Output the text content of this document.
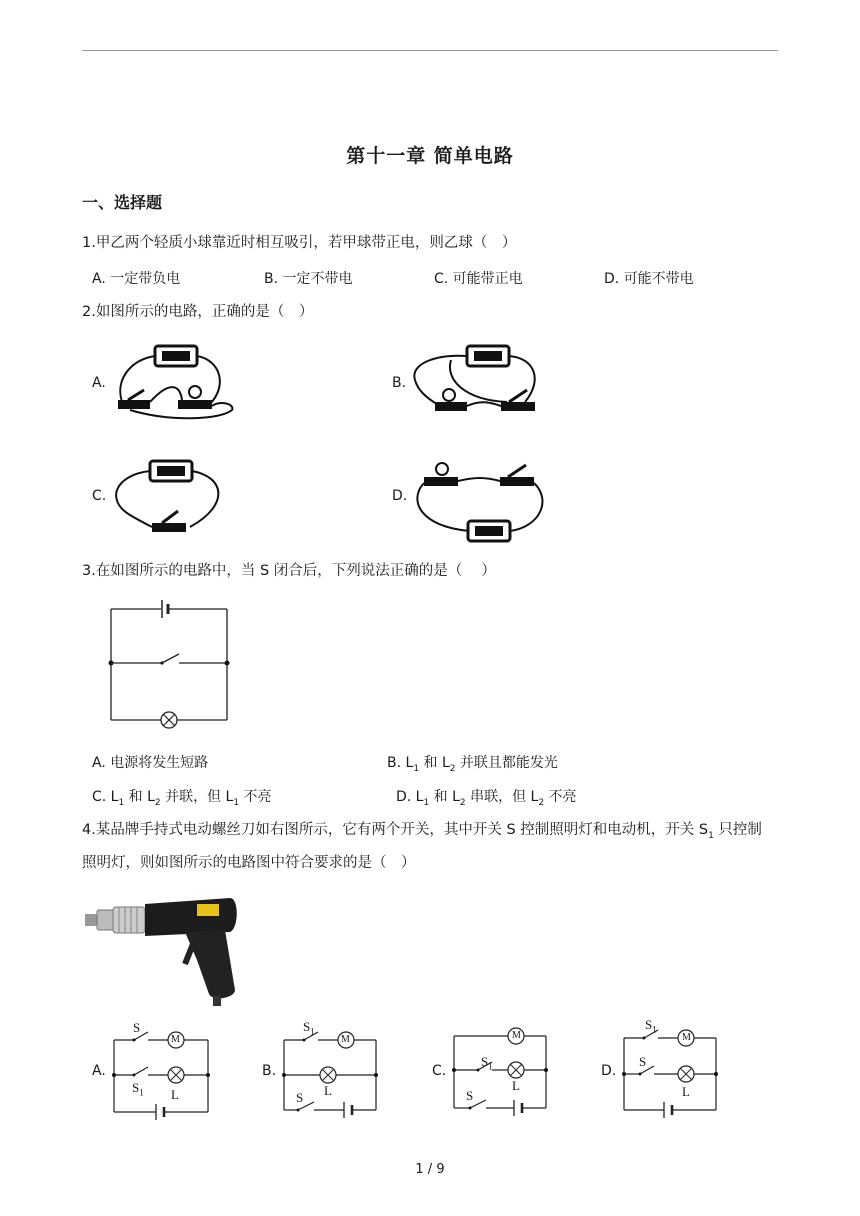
第十一章 简单电路
一、选择题
1.甲乙两个轻质小球靠近时相互吸引，若甲球带正电，则乙球（　）
A. 一定带负电	B. 一定不带电	C. 可能带正电	D. 可能不带电
2.如图所示的电路，正确的是（　）
A.	B.
C.	D.
3.在如图所示的电路中，当 S 闭合后，下列说法正确的是（　 ）
A. 电源将发生短路	B. $L_1$ 和 $L_2$ 并联且都能发光
C. $L_1$ 和 $L_2$ 并联，但 $L_1$ 不亮	D. $L_1$ 和 $L_2$ 串联，但 $L_2$ 不亮
4.某品牌手持式电动螺丝刀如右图所示，它有两个开关，其中开关 S 控制照明灯和电动机，开关 $S_1$ 只控制
照明灯，则如图所示的电路图中符合要求的是（　）
A.	B.	C.	D.
S
M
$S_1$ L
$S_1$
M
L
S
M
$S_1$
L
S
$S_1$
M
S
L
1 / 9
